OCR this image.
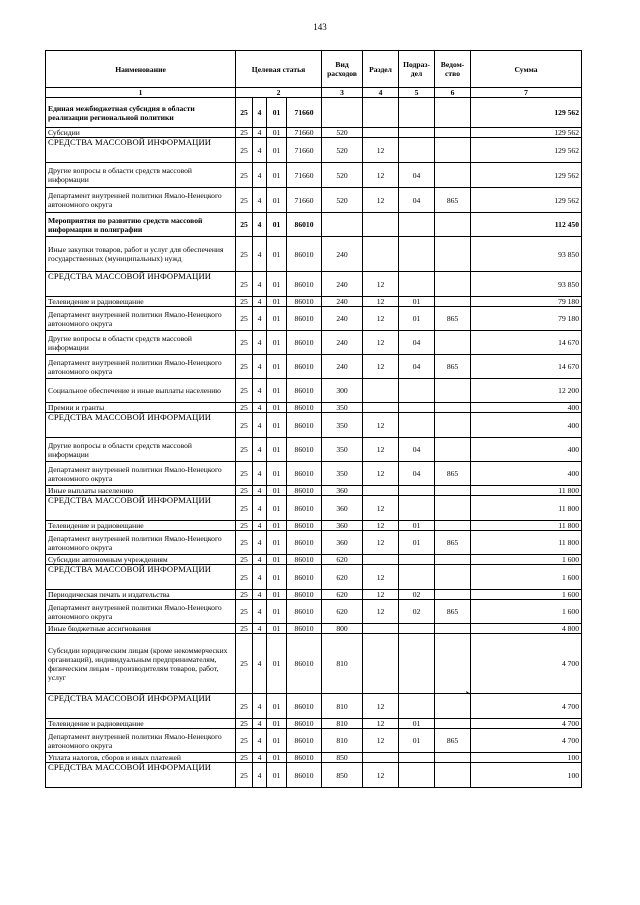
143
Наименование	Целевая статья				Вид расходов	Раздел	Подраз-дел	Ведом-ство	Сумма
1	2				3	4	5	6	7
Единая межбюджетная субсидия в области реализации региональной политики	25	4	01	71660					129 562
Субсидии	25	4	01	71660	520				129 562
СРЕДСТВА МАССОВОЙ ИНФОРМАЦИИ	25	4	01	71660	520	12			129 562
Другие вопросы в области средств массовой информации	25	4	01	71660	520	12	04		129 562
Департамент внутренней политики Ямало-Ненецкого автономного округа	25	4	01	71660	520	12	04	865	129 562
Мероприятия по развитию средств массовой информации и полиграфии	25	4	01	86010					112 450
Иные закупки товаров, работ и услуг для обеспечения государственных (муниципальных) нужд	25	4	01	86010	240				93 850
СРЕДСТВА МАССОВОЙ ИНФОРМАЦИИ	25	4	01	86010	240	12			93 850
Телевидение и радиовещание	25	4	01	86010	240	12	01		79 180
Департамент внутренней политики Ямало-Ненецкого автономного округа	25	4	01	86010	240	12	01	865	79 180
Другие вопросы в области средств массовой информации	25	4	01	86010	240	12	04		14 670
Департамент внутренней политики Ямало-Ненецкого автономного округа	25	4	01	86010	240	12	04	865	14 670
Социальное обеспечение и иные выплаты населению	25	4	01	86010	300				12 200
Премии и гранты	25	4	01	86010	350				400
СРЕДСТВА МАССОВОЙ ИНФОРМАЦИИ	25	4	01	86010	350	12			400
Другие вопросы в области средств массовой информации	25	4	01	86010	350	12	04		400
Департамент внутренней политики Ямало-Ненецкого автономного округа	25	4	01	86010	350	12	04	865	400
Иные выплаты населению	25	4	01	86010	360				11 800
СРЕДСТВА МАССОВОЙ ИНФОРМАЦИИ	25	4	01	86010	360	12			11 800
Телевидение и радиовещание	25	4	01	86010	360	12	01		11 800
Департамент внутренней политики Ямало-Ненецкого автономного округа	25	4	01	86010	360	12	01	865	11 800
Субсидии автономным учреждениям	25	4	01	86010	620				1 600
СРЕДСТВА МАССОВОЙ ИНФОРМАЦИИ	25	4	01	86010	620	12			1 600
Периодическая печать и издательства	25	4	01	86010	620	12	02		1 600
Департамент внутренней политики Ямало-Ненецкого автономного округа	25	4	01	86010	620	12	02	865	1 600
Иные бюджетные ассигнования	25	4	01	86010	800				4 800
Субсидии юридическим лицам (кроме некоммерческих организаций), индивидуальным предпринимателям, физическим лицам - производителям товаров, работ, услуг	25	4	01	86010	810				4 700
СРЕДСТВА МАССОВОЙ ИНФОРМАЦИИ	25	4	01	86010	810	12			4 700
Телевидение и радиовещание	25	4	01	86010	810	12	01		4 700
Департамент внутренней политики Ямало-Ненецкого автономного округа	25	4	01	86010	810	12	01	865	4 700
Уплата налогов, сборов и иных платежей	25	4	01	86010	850				100
СРЕДСТВА МАССОВОЙ ИНФОРМАЦИИ	25	4	01	86010	850	12			100
